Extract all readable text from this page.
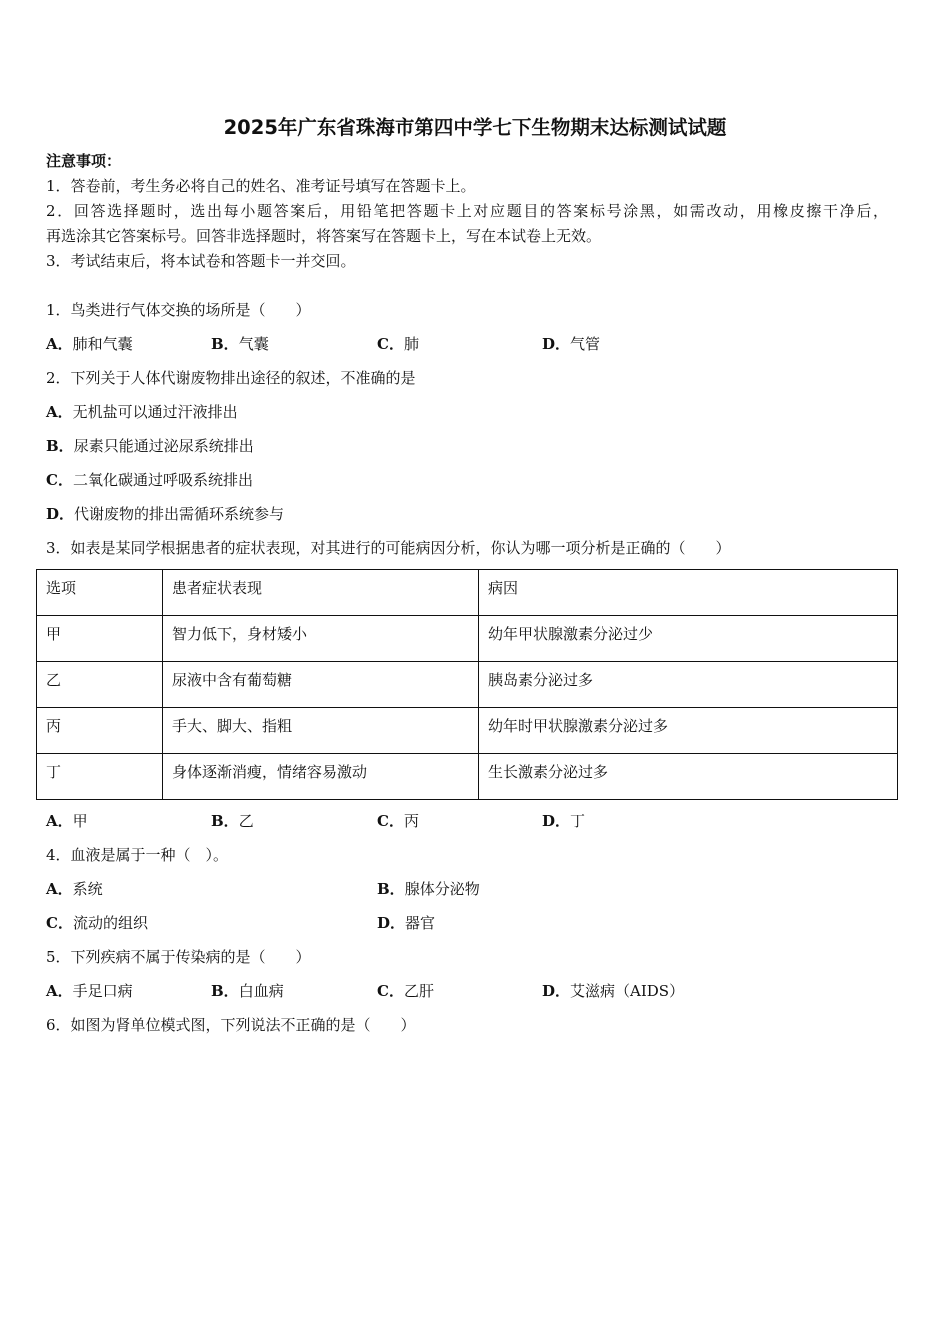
2025年广东省珠海市第四中学七下生物期末达标测试试题
注意事项：
1．答卷前，考生务必将自己的姓名、准考证号填写在答题卡上。
2．回答选择题时，选出每小题答案后，用铅笔把答题卡上对应题目的答案标号涂黑，如需改动，用橡皮擦干净后，
再选涂其它答案标号。回答非选择题时，将答案写在答题卡上，写在本试卷上无效。
3．考试结束后，将本试卷和答题卡一并交回。
1．鸟类进行气体交换的场所是（　　）
A．肺和气囊	B．气囊	C．肺	D．气管
2．下列关于人体代谢废物排出途径的叙述，不准确的是
A．无机盐可以通过汗液排出
B．尿素只能通过泌尿系统排出
C．二氧化碳通过呼吸系统排出
D．代谢废物的排出需循环系统参与
3．如表是某同学根据患者的症状表现，对其进行的可能病因分析，你认为哪一项分析是正确的（　　）
选项	患者症状表现	病因
甲	智力低下，身材矮小	幼年甲状腺激素分泌过少
乙	尿液中含有葡萄糖	胰岛素分泌过多
丙	手大、脚大、指粗	幼年时甲状腺激素分泌过多
丁	身体逐渐消瘦，情绪容易激动	生长激素分泌过多
A．甲	B．乙	C．丙	D．丁
4．血液是属于一种（　）。
A．系统	B．腺体分泌物
C．流动的组织	D．器官
5．下列疾病不属于传染病的是（　　）
A．手足口病	B．白血病	C．乙肝	D．艾滋病（AIDS）
6．如图为肾单位模式图，下列说法不正确的是（　　）
